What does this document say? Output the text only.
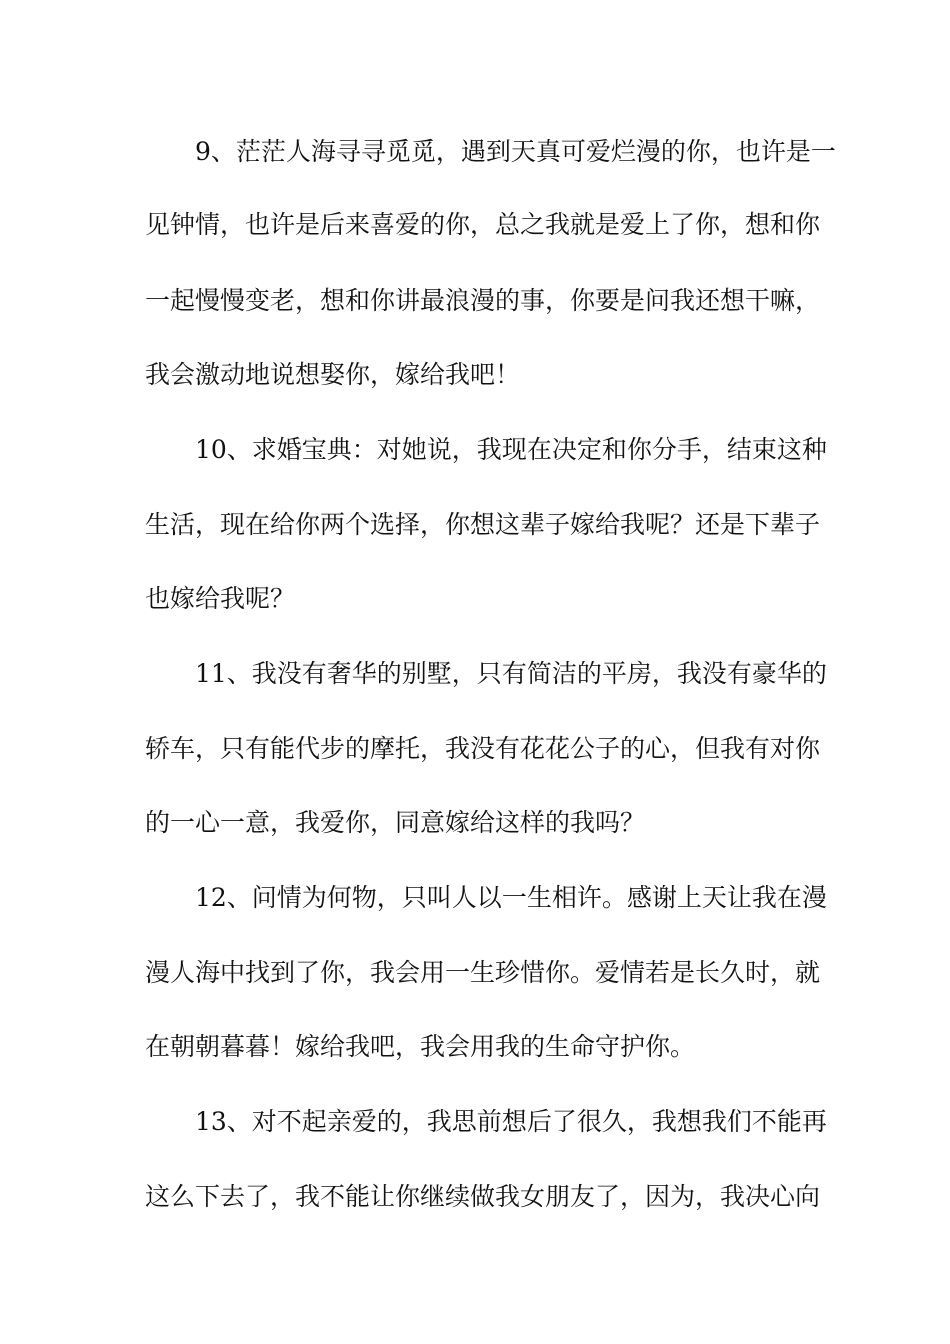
9、茫茫人海寻寻觅觅，遇到天真可爱烂漫的你，也许是一
见钟情，也许是后来喜爱的你，总之我就是爱上了你，想和你
一起慢慢变老，想和你讲最浪漫的事，你要是问我还想干嘛，
我会激动地说想娶你，嫁给我吧！
10、求婚宝典：对她说，我现在决定和你分手，结束这种
生活，现在给你两个选择，你想这辈子嫁给我呢？还是下辈子
也嫁给我呢？
11、我没有奢华的别墅，只有简洁的平房，我没有豪华的
轿车，只有能代步的摩托，我没有花花公子的心，但我有对你
的一心一意，我爱你，同意嫁给这样的我吗？
12、问情为何物，只叫人以一生相许。感谢上天让我在漫
漫人海中找到了你，我会用一生珍惜你。爱情若是长久时，就
在朝朝暮暮！嫁给我吧，我会用我的生命守护你。
13、对不起亲爱的，我思前想后了很久，我想我们不能再
这么下去了，我不能让你继续做我女朋友了，因为，我决心向
